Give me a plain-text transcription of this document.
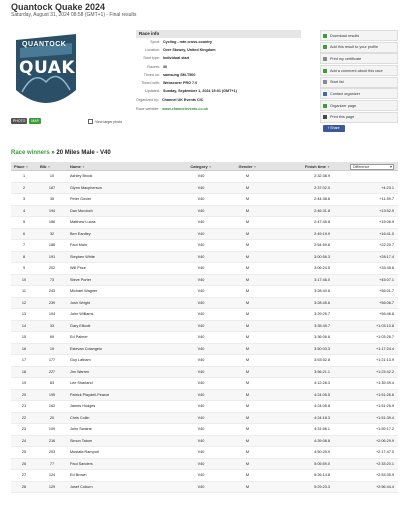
Quantock Quake 2024
Saturday, August 31, 2024 08:58 (GMT+1) - Final results
QUANTOCK
QUAKE
PHOTO	MAP	View larger photo
Race info
Sport: Cycling - mtn cross-country
Location: Over Stowey, United Kingdom
Start type: Individual start
Racers: 30
Timed on: samsung SM-T500
Timed with: Webscorer PRO 7.0
Updated: Sunday, September 1, 2024 15:01 (GMT+1)
Organized by: Channel UK Events CIC
Race website: www.channelevents.co.uk
Download results
Add this result to your profile
Print my certificate
Add a comment about this race
Start list
Contact organizer
Organizer page
Print this page
f Share
Race winners » 20 Miles Male - V40
Place▼	Bib▼	Name▼	Category▼	Gender▼	Finish time▼	Difference
1	10	Ashley Brook	V40	M	2:32:38.9
2	187	Glynn Macpherson	V40	M	2:37:02.0	+4:23.1
3	35	Peter Govier	V40	M	2:44:38.6	+11:59.7
4	194	Dan Murdoch	V40	M	2:46:31.8	+13:52.9
5	186	Matthew Lucas	V40	M	2:47:45.8	+15:06.9
6	32	Ben Eardley	V40	M	2:49:19.9	+16:41.0
7	188	Paul Main	V40	M	2:54:59.6	+22:20.7
8	191	Stephen White	V40	M	3:00:56.3	+28:17.4
9	202	Will Price	V40	M	3:06:24.5	+33:45.6
10	73	Steve Porter	V40	M	3:17:46.0	+45:07.1
11	243	Michael Wagner	V40	M	3:28:40.6	+56:01.7
12	239	Josh Wright	V40	M	3:28:45.6	+56:06.7
13	104	John Williams	V40	M	3:29:25.7	+56:46.8
14	33	Gary Ellicott	V40	M	3:35:49.7	+1:03:10.8
15	69	Ed Palmer	V40	M	3:36:06.6	+1:03:26.7
16	19	Estevan Colangelo	V40	M	3:50:03.3	+1:17:24.4
17	177	Guy Latham	V40	M	3:53:52.8	+1:21:13.9
18	227	Jim Warren	V40	M	3:56:21.1	+1:23:42.2
19	83	Lee Sharland	V40	M	4:12:28.3	+1:39:49.4
20	199	Patrick Playdell-Pearce	V40	M	4:24:05.5	+1:51:26.6
21	162	James Hodges	V40	M	4:24:05.8	+1:51:26.9
22	20	Chris Collin	V40	M	4:24:18.3	+1:51:39.4
23	109	John Swaine	V40	M	4:31:56.1	+1:59:17.2
24	216	Simon Tatum	V40	M	4:39:08.8	+2:06:29.9
25	203	Mustafa Rampuri	V40	M	4:50:25.9	+2:17:47.0
26	77	Paul Sanders	V40	M	5:05:59.0	+2:33:20.1
27	124	Ed Brown	V40	M	5:26:14.8	+2:53:35.9
28	129	Josef Coburn	V40	M	5:29:23.3	+2:56:44.4
